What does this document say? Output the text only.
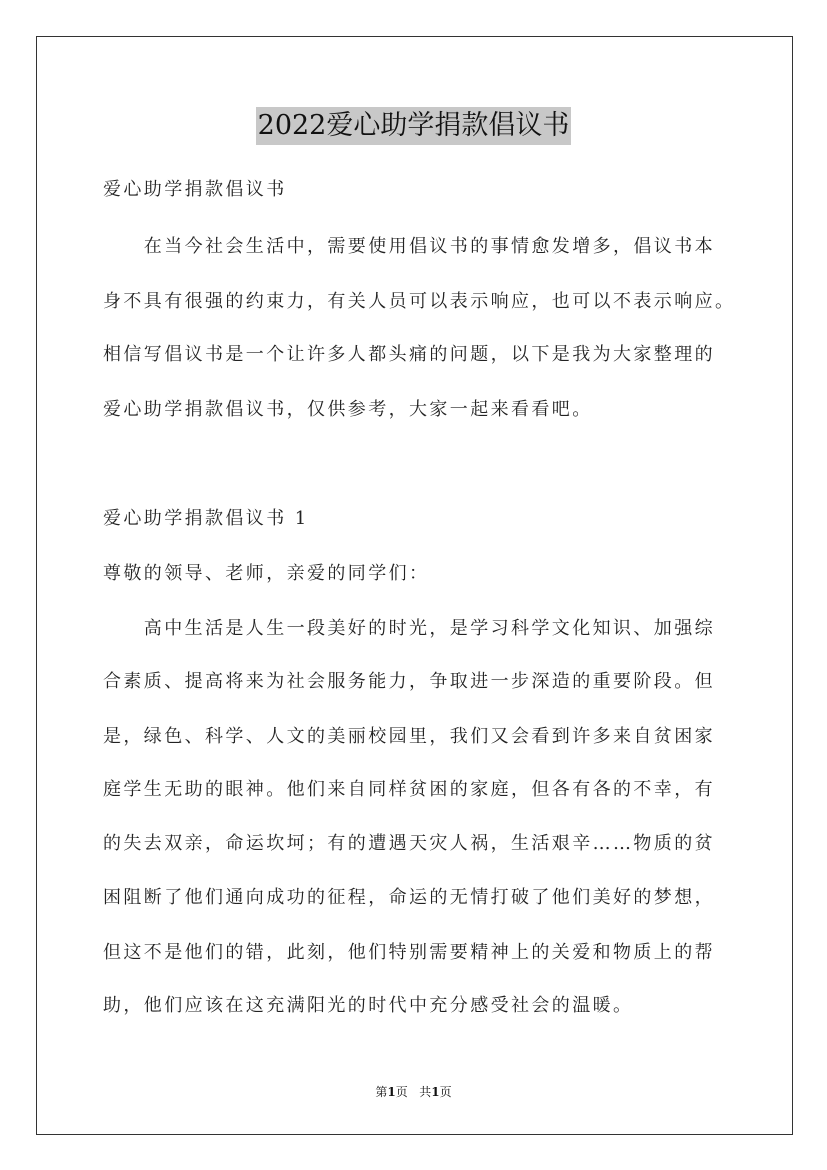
2022爱心助学捐款倡议书
爱心助学捐款倡议书
　　在当今社会生活中，需要使用倡议书的事情愈发增多，倡议书本
身不具有很强的约束力，有关人员可以表示响应，也可以不表示响应。
相信写倡议书是一个让许多人都头痛的问题，以下是我为大家整理的
爱心助学捐款倡议书，仅供参考，大家一起来看看吧。
爱心助学捐款倡议书 1
尊敬的领导、老师，亲爱的同学们：
　　高中生活是人生一段美好的时光，是学习科学文化知识、加强综
合素质、提高将来为社会服务能力，争取进一步深造的重要阶段。但
是，绿色、科学、人文的美丽校园里，我们又会看到许多来自贫困家
庭学生无助的眼神。他们来自同样贫困的家庭，但各有各的不幸，有
的失去双亲，命运坎坷；有的遭遇天灾人祸，生活艰辛……物质的贫
困阻断了他们通向成功的征程，命运的无情打破了他们美好的梦想，
但这不是他们的错，此刻，他们特别需要精神上的关爱和物质上的帮
助，他们应该在这充满阳光的时代中充分感受社会的温暖。
第1页 共1页
